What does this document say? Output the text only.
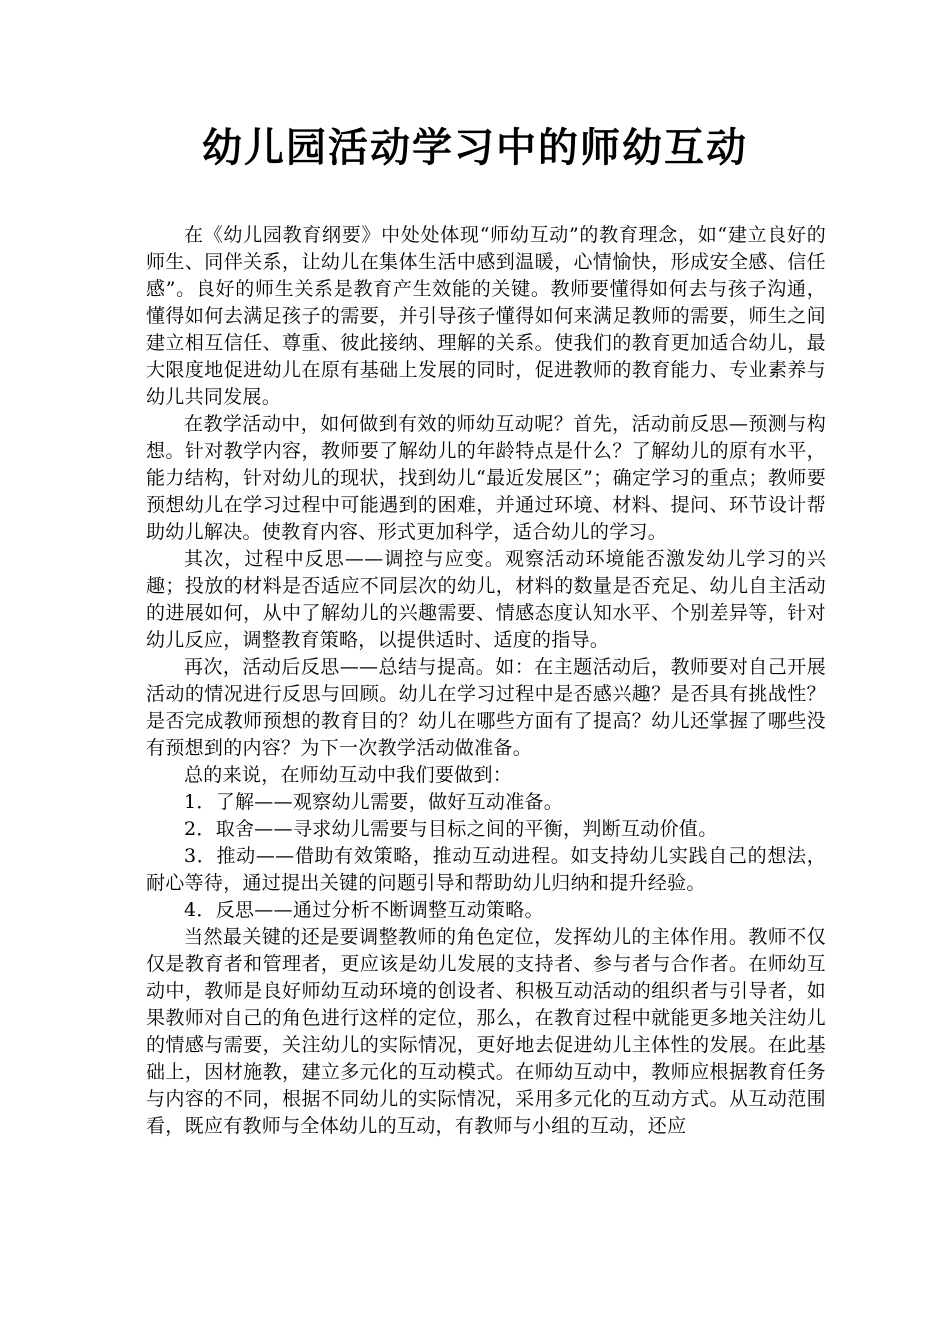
幼儿园活动学习中的师幼互动

在《幼儿园教育纲要》中处处体现“师幼互动”的教育理念，如“建立良好的师生、同伴关系，让幼儿在集体生活中感到温暖，心情愉快，形成安全感、信任感”。良好的师生关系是教育产生效能的关键。教师要懂得如何去与孩子沟通，懂得如何去满足孩子的需要，并引导孩子懂得如何来满足教师的需要，师生之间建立相互信任、尊重、彼此接纳、理解的关系。使我们的教育更加适合幼儿，最大限度地促进幼儿在原有基础上发展的同时，促进教师的教育能力、专业素养与幼儿共同发展。

在教学活动中，如何做到有效的师幼互动呢？首先，活动前反思—预测与构想。针对教学内容，教师要了解幼儿的年龄特点是什么？了解幼儿的原有水平，能力结构，针对幼儿的现状，找到幼儿“最近发展区”；确定学习的重点；教师要预想幼儿在学习过程中可能遇到的困难，并通过环境、材料、提问、环节设计帮助幼儿解决。使教育内容、形式更加科学，适合幼儿的学习。

其次，过程中反思——调控与应变。观察活动环境能否激发幼儿学习的兴趣；投放的材料是否适应不同层次的幼儿，材料的数量是否充足、幼儿自主活动的进展如何，从中了解幼儿的兴趣需要、情感态度认知水平、个别差异等，针对幼儿反应，调整教育策略，以提供适时、适度的指导。

再次，活动后反思——总结与提高。如：在主题活动后，教师要对自己开展活动的情况进行反思与回顾。幼儿在学习过程中是否感兴趣？是否具有挑战性？是否完成教师预想的教育目的？幼儿在哪些方面有了提高？幼儿还掌握了哪些没有预想到的内容？为下一次教学活动做准备。

总的来说，在师幼互动中我们要做到：

1．了解——观察幼儿需要，做好互动准备。

2．取舍——寻求幼儿需要与目标之间的平衡，判断互动价值。

3．推动——借助有效策略，推动互动进程。如支持幼儿实践自己的想法，耐心等待，通过提出关键的问题引导和帮助幼儿归纳和提升经验。

4．反思——通过分析不断调整互动策略。

当然最关键的还是要调整教师的角色定位，发挥幼儿的主体作用。教师不仅仅是教育者和管理者，更应该是幼儿发展的支持者、参与者与合作者。在师幼互动中，教师是良好师幼互动环境的创设者、积极互动活动的组织者与引导者，如果教师对自己的角色进行这样的定位，那么，在教育过程中就能更多地关注幼儿的情感与需要，关注幼儿的实际情况，更好地去促进幼儿主体性的发展。在此基础上，因材施教，建立多元化的互动模式。在师幼互动中，教师应根据教育任务与内容的不同，根据不同幼儿的实际情况，采用多元化的互动方式。从互动范围看，既应有教师与全体幼儿的互动，有教师与小组的互动，还应
